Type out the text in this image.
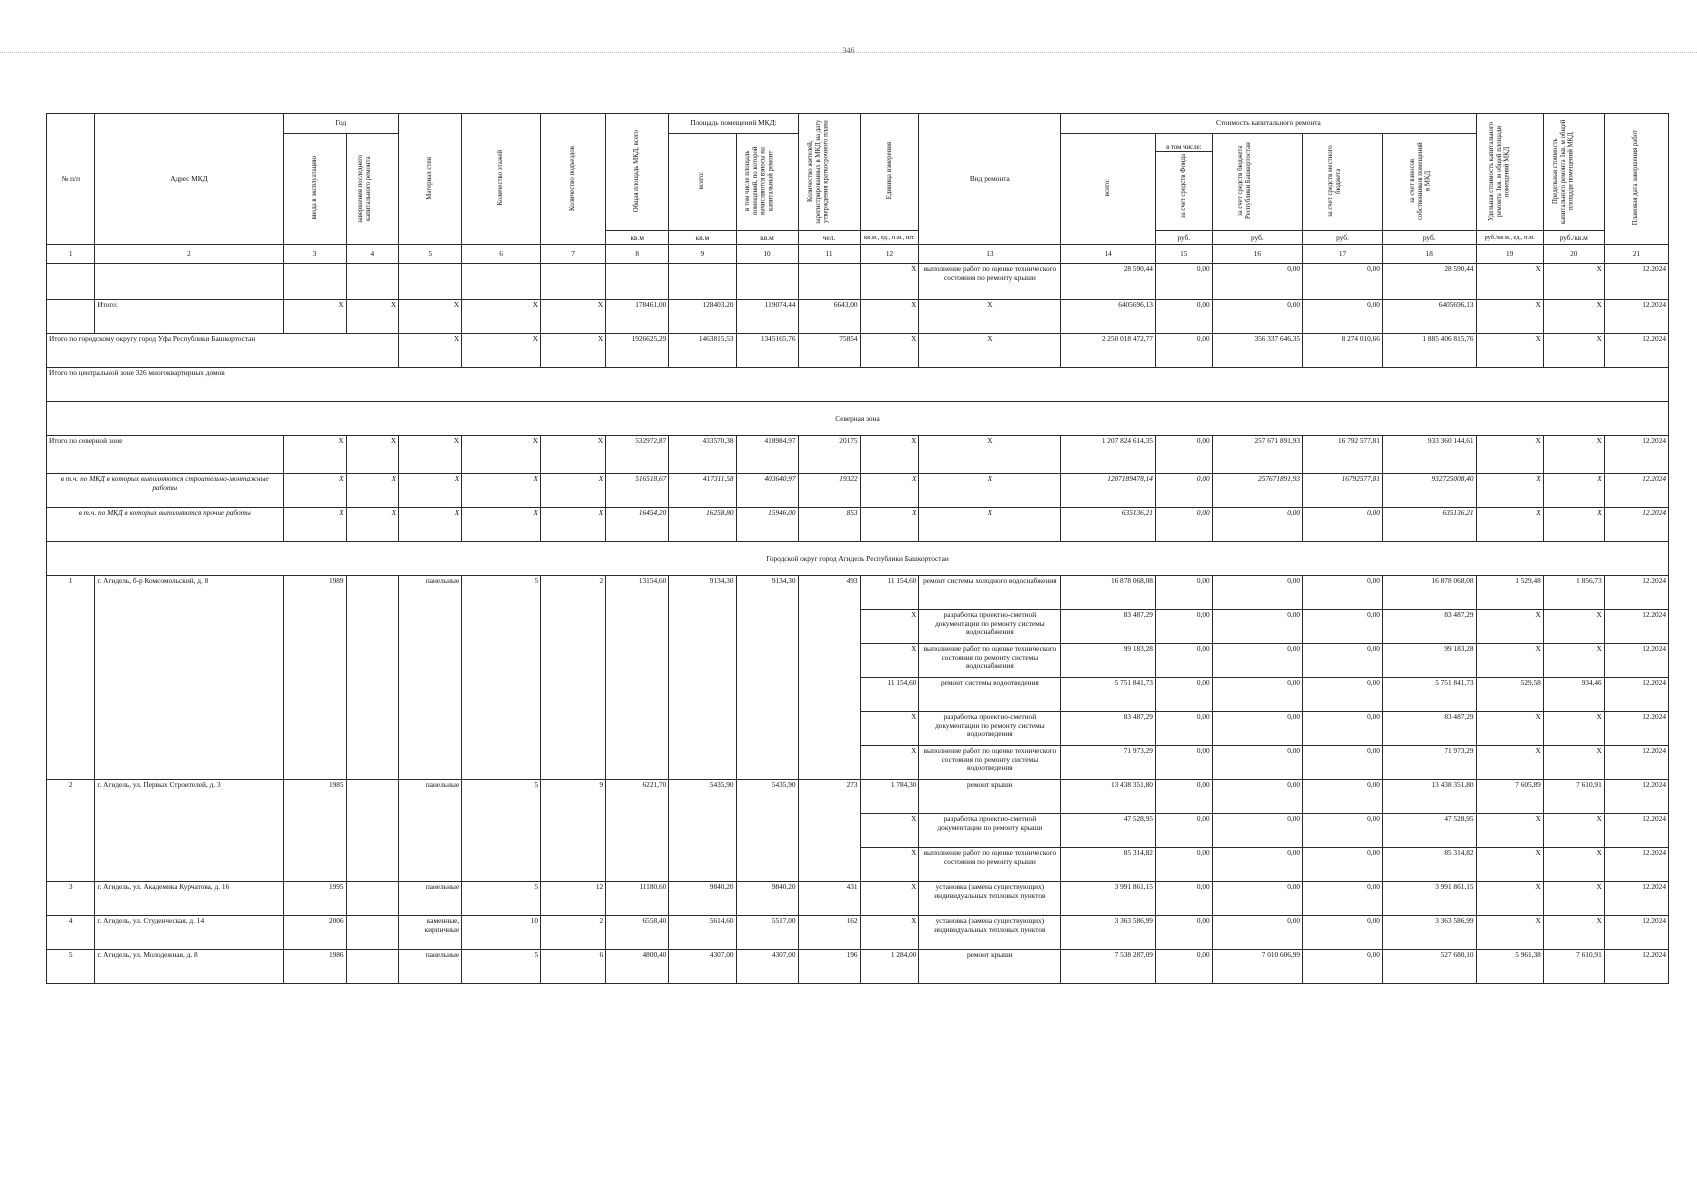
346
№ п/п	Адрес МКД	Год		Материал стен	Количество этажей	Количество подъездов	Общая площадь МКД, всего	Площадь помещений МКД:		Количество жителей, зарегистрированных в МКД на дату утверждения краткосрочного плана	Единица измерения	Вид ремонта	Стоимость капитального ремонта					Удельная стоимость капитального ремонта 1кв. м общей площади помещений МКД	Предельная стоимость капитального ремонта 1кв. м общей площади помещений МКД	Плановая дата завершения работ
		ввода в эксплуатацию	завершения последнего капитального ремонта					всего:	в том числе площадь помещений, по которой начисляются взносы на капитальный ремонт				всего:	в том числе:
за счет средств Фонда	за счет средств бюджета Республики Башкортостан	за счет средств местного бюджета	за счет взносов собственников помещений в МКД			
							кв.м	кв.м	кв.м	чел.	кв.м., ед., п.м., шт.			руб.	руб.	руб.	руб.	руб./кв.м., ед., п.м.	руб./кв.м	
1	2	3	4	5	6	7	8	9	10	11	12	13	14	15	16	17	18	19	20	21
											X	выполнение работ по оценке технического состояния по ремонту крыши	28 590,44	0,00	0,00	0,00	28 590,44	X	X	12.2024
	Итого:	X	X	X	X	X	178461,00	128403,20	119074,44	6643,00	X	X	6405696,13	0,00	0,00	0,00	6405696,13	X	X	12.2024
Итого по городскому округу город Уфа Республики Башкортостан				X	X	X	1926625,29	1463815,53	1345165,76	75854	X	X	2 250 018 472,77	0,00	356 337 646,35	8 274 010,66	1 885 406 815,76	X	X	12.2024
Итого по центральной зоне 326 многоквартирных домов																				
Северная зона																				
Итого по северной зоне		X	X	X	X	X	532972,87	433570,38	418984,97	20175	X	X	1 207 824 614,35	0,00	257 671 891,93	16 792 577,81	933 360 144,61	X	X	12.2024
в т.ч. по МКД в которых выполняются строительно-монтажные работы		X	X	X	X	X	516518,67	417311,58	403640,97	19322	X	X	1207189478,14	0,00	257671891,93	16792577,81	932725008,40	X	X	12.2024
в т.ч. по МКД в которых выполняются прочие работы		X	X	X	X	X	16454,20	16258,80	15946,00	853	X	X	635136,21	0,00	0,00	0,00	635136,21	X	X	12.2024
Городской округ город Агидель Республики Башкортостан																				
1	г. Агидель, б-р Комсомольский, д. 8	1989		панельные	5	2	13154,60	9134,30	9134,30	493	11 154,60	ремонт системы холодного водоснабжения	16 878 068,08	0,00	0,00	0,00	16 878 068,08	1 529,48	1 856,73	12.2024
											X	разработка проектно-сметной документации по ремонту системы водоснабжения	83 487,29	0,00	0,00	0,00	83 487,29	X	X	12.2024
											X	выполнение работ по оценке технического состояния по ремонту системы водоснабжения	99 183,28	0,00	0,00	0,00	99 183,28	X	X	12.2024
											11 154,60	ремонт системы водоотведения	5 751 841,73	0,00	0,00	0,00	5 751 841,73	529,58	934,46	12.2024
											X	разработка проектно-сметной документации по ремонту системы водоотведения	83 487,29	0,00	0,00	0,00	83 487,29	X	X	12.2024
											X	выполнение работ по оценке технического состояния по ремонту системы водоотведения	71 973,29	0,00	0,00	0,00	71 973,29	X	X	12.2024
2	г. Агидель, ул. Первых Строителей, д. 3	1985		панельные	5	9	6221,70	5435,90	5435,90	273	1 784,30	ремонт крыши	13 438 351,80	0,00	0,00	0,00	13 438 351,80	7 605,89	7 610,91	12.2024
											X	разработка проектно-сметной документации по ремонту крыши	47 528,95	0,00	0,00	0,00	47 528,95	X	X	12.2024
											X	выполнение работ по оценке технического состояния по ремонту крыши	85 314,82	0,00	0,00	0,00	85 314,82	X	X	12.2024
3	г. Агидель, ул. Академика Курчатова, д. 16	1995		панельные	5	12	11180,60	9840,20	9840,20	431	X	установка (замена существующих) индивидуальных тепловых пунктов	3 991 861,15	0,00	0,00	0,00	3 991 861,15	X	X	12.2024
4	г. Агидель, ул. Студенческая, д. 14	2006		каменные, кирпичные	10	2	6558,40	5614,60	5517,00	162	X	установка (замена существующих) индивидуальных тепловых пунктов	3 363 586,99	0,00	0,00	0,00	3 363 586,99	X	X	12.2024
5	г. Агидель, ул. Молодежная, д. 8	1986		панельные	5	6	4800,40	4307,00	4307,00	196	1 284,00	ремонт крыши	7 538 287,09	0,00	7 010 606,99	0,00	527 680,10	5 961,38	7 610,91	12.2024
